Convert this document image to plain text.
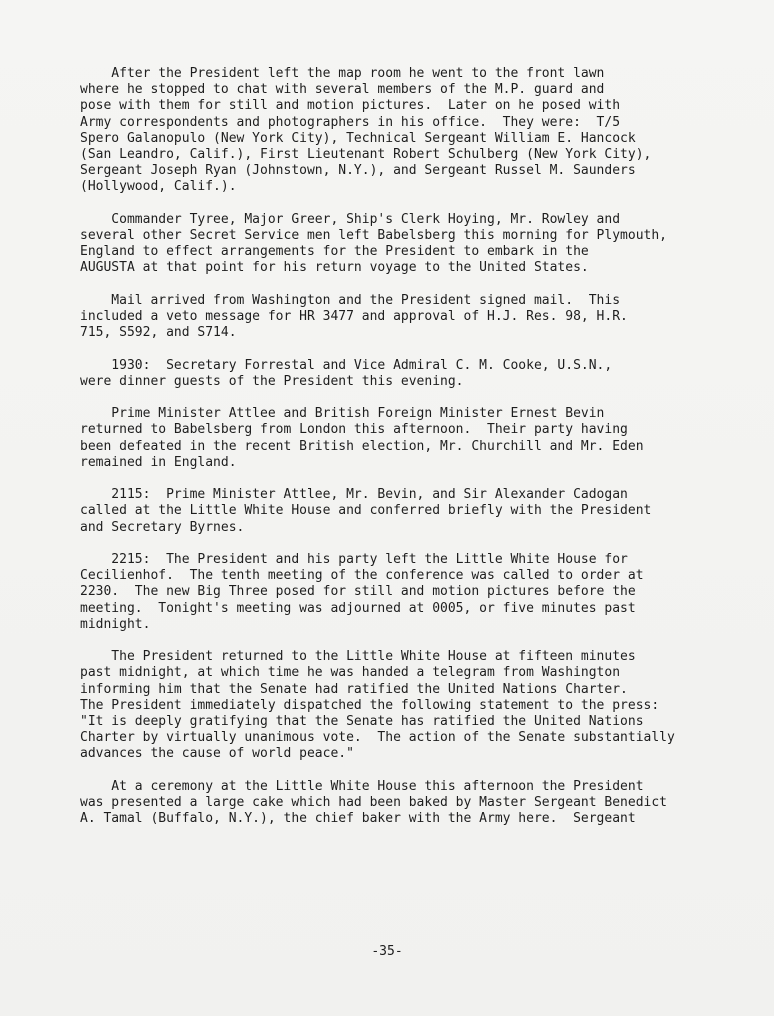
After the President left the map room he went to the front lawn
where he stopped to chat with several members of the M.P. guard and
pose with them for still and motion pictures.  Later on he posed with
Army correspondents and photographers in his office.  They were:  T/5
Spero Galanopulo (New York City), Technical Sergeant William E. Hancock
(San Leandro, Calif.), First Lieutenant Robert Schulberg (New York City),
Sergeant Joseph Ryan (Johnstown, N.Y.), and Sergeant Russel M. Saunders
(Hollywood, Calif.).

Commander Tyree, Major Greer, Ship's Clerk Hoying, Mr. Rowley and
several other Secret Service men left Babelsberg this morning for Plymouth,
England to effect arrangements for the President to embark in the
AUGUSTA at that point for his return voyage to the United States.

Mail arrived from Washington and the President signed mail.  This
included a veto message for HR 3477 and approval of H.J. Res. 98, H.R.
715, S592, and S714.

1930:  Secretary Forrestal and Vice Admiral C. M. Cooke, U.S.N.,
were dinner guests of the President this evening.

Prime Minister Attlee and British Foreign Minister Ernest Bevin
returned to Babelsberg from London this afternoon.  Their party having
been defeated in the recent British election, Mr. Churchill and Mr. Eden
remained in England.

2115:  Prime Minister Attlee, Mr. Bevin, and Sir Alexander Cadogan
called at the Little White House and conferred briefly with the President
and Secretary Byrnes.

2215:  The President and his party left the Little White House for
Cecilienhof.  The tenth meeting of the conference was called to order at
2230.  The new Big Three posed for still and motion pictures before the
meeting.  Tonight's meeting was adjourned at 0005, or five minutes past
midnight.

The President returned to the Little White House at fifteen minutes
past midnight, at which time he was handed a telegram from Washington
informing him that the Senate had ratified the United Nations Charter.
The President immediately dispatched the following statement to the press:
"It is deeply gratifying that the Senate has ratified the United Nations
Charter by virtually unanimous vote.  The action of the Senate substantially
advances the cause of world peace."

At a ceremony at the Little White House this afternoon the President
was presented a large cake which had been baked by Master Sergeant Benedict
A. Tamal (Buffalo, N.Y.), the chief baker with the Army here.  Sergeant

-35-
